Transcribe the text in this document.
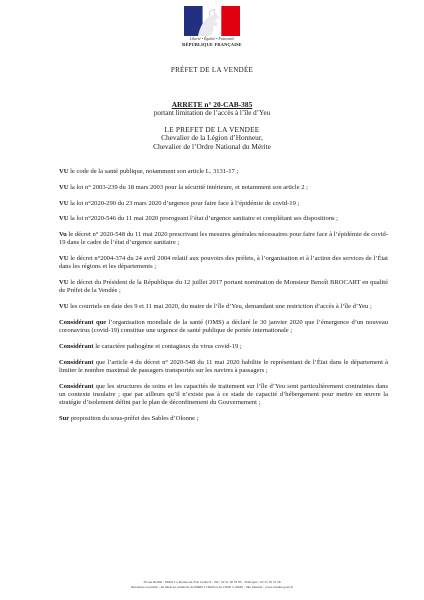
Liberté • Égalité • Fraternité
RÉPUBLIQUE FRANÇAISE
PRÉFET DE LA VENDÉE
ARRETE n° 20-CAB-385
portant limitation de l’accès à l’île d’Yeu
LE PREFET DE LA VENDEE
Chevalier de la Légion d’Honneur,
Chevalier de l’Ordre National du Mérite

VU le code de la santé publique, notamment son article L. 3131-17 ;

VU la loi n° 2003-239 du 18 mars 2003 pour la sécurité intérieure, et notamment son article 2 ;

VU la loi n°2020-290 du 23 mars 2020 d’urgence pour faire face à l’épidémie de covid-19 ;

VU la loi n°2020-546 du 11 mai 2020 prorogeant l’état d’urgence sanitaire et complétant ses dispositions ;

Vu le décret n° 2020-548 du 11 mai 2020 prescrivant les mesures générales nécessaires pour faire face à l’épidémie de covid-19 dans le cadre de l’état d’urgence sanitaire ;

VU le décret n°2004-374 du 24 avril 2004 relatif aux pouvoirs des préfets, à l’organisation et à l’action des services de l’État dans les régions et les départements ;

VU le décret du Président de la République du 12 juillet 2017 portant nomination de Monsieur Benoît BROCART en qualité de Préfet de la Vendée ;

VU les courriels en date des 9 et 11 mai 2020, du maire de l’île d’Yeu, demandant une restriction d’accès à l’île d’Yeu ;

Considérant que l’organisation mondiale de la santé (OMS) a déclaré le 30 janvier 2020 que l’émergence d’un nouveau coronavirus (covid-19) constitue une urgence de santé publique de portée internationale ;

Considérant le caractère pathogène et contagieux du virus covid-19 ;

Considérant que l’article 4 du décret n° 2020-548 du 11 mai 2020 habilite le représentant de l’État dans le département à limiter le nombre maximal de passagers transportés sur les navires à passagers ;

Considérant que les structures de soins et les capacités de traitement sur l’île d’Yeu sont particulièrement contraintes dans un contexte insulaire ; que par ailleurs qu’il n’existe pas à ce stade de capacité d’hébergement pour mettre en œuvre la stratégie d’isolement défini par le plan de déconfinement du Gouvernement ;

Sur proposition du sous-préfet des Sables d’Olonne ;

29 rue Delille - 85922 La Roche-sur-Yon Cedex 9 - Tél : 02 51 36 70 85 - Télécopie : 02 51 05 51 36
Ouverture au public : du lundi au vendredi, de 09h00 à 12h00 et de 13h30 à 16h30 - Site Internet : www.vendee.gouv.fr
